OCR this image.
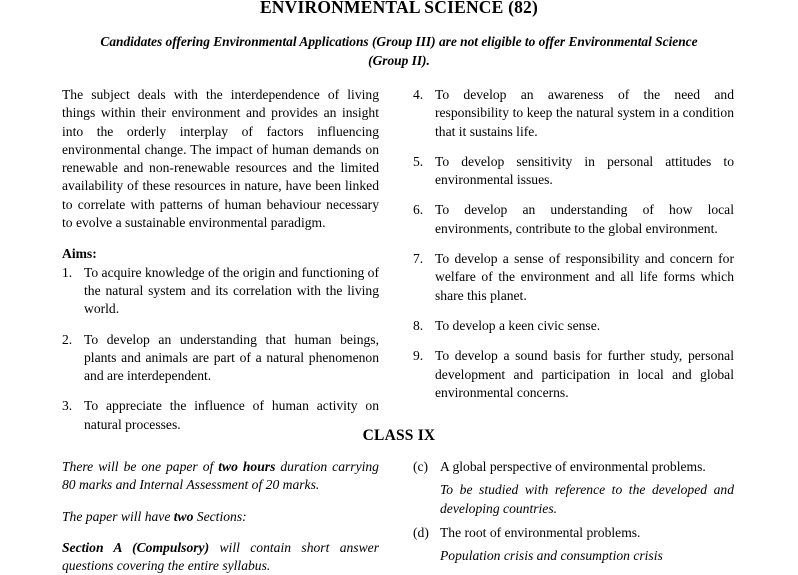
ENVIRONMENTAL SCIENCE (82)
Candidates offering Environmental Applications (Group III) are not eligible to offer Environmental Science (Group II).

The subject deals with the interdependence of living things within their environment and provides an insight into the orderly interplay of factors influencing environmental change. The impact of human demands on renewable and non-renewable resources and the limited availability of these resources in nature, have been linked to correlate with patterns of human behaviour necessary to evolve a sustainable environmental paradigm.

Aims:

1. To acquire knowledge of the origin and functioning of the natural system and its correlation with the living world.
2. To develop an understanding that human beings, plants and animals are part of a natural phenomenon and are interdependent.
3. To appreciate the influence of human activity on natural processes.
4. To develop an awareness of the need and responsibility to keep the natural system in a condition that it sustains life.
5. To develop sensitivity in personal attitudes to environmental issues.
6. To develop an understanding of how local environments, contribute to the global environment.
7. To develop a sense of responsibility and concern for welfare of the environment and all life forms which share this planet.
8. To develop a keen civic sense.
9. To develop a sound basis for further study, personal development and participation in local and global environmental concerns.
CLASS IX

There will be one paper of two hours duration carrying 80 marks and Internal Assessment of 20 marks.

The paper will have two Sections:

Section A (Compulsory) will contain short answer questions covering the entire syllabus.

(c) A global perspective of environmental problems.
To be studied with reference to the developed and developing countries.
(d) The root of environmental problems.
Population crisis and consumption crisis
